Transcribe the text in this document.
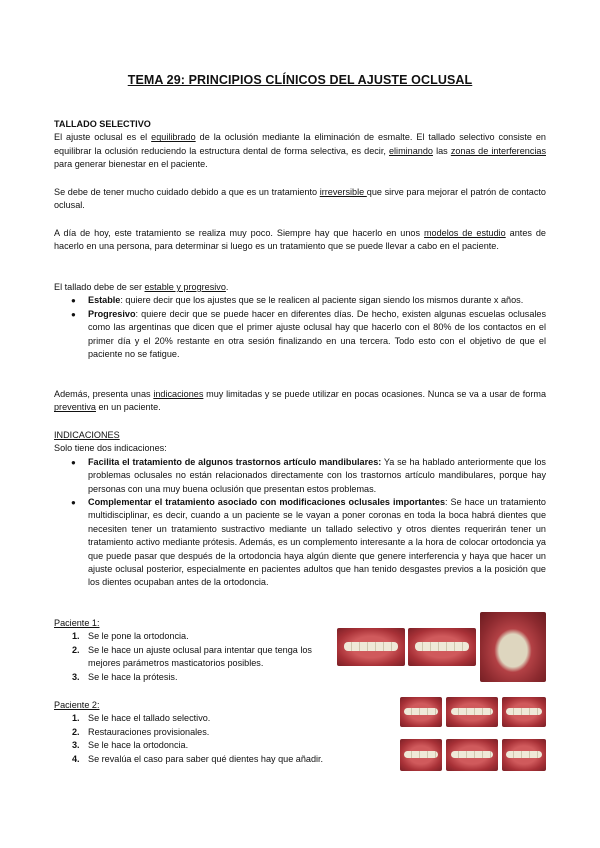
TEMA 29: PRINCIPIOS CLÍNICOS DEL AJUSTE OCLUSAL
TALLADO SELECTIVO
El ajuste oclusal es el equilibrado de la oclusión mediante la eliminación de esmalte. El tallado selectivo consiste en equilibrar la oclusión reduciendo la estructura dental de forma selectiva, es decir, eliminando las zonas de interferencias para generar bienestar en el paciente.
Se debe de tener mucho cuidado debido a que es un tratamiento irreversible que sirve para mejorar el patrón de contacto oclusal.
A día de hoy, este tratamiento se realiza muy poco. Siempre hay que hacerlo en unos modelos de estudio antes de hacerlo en una persona, para determinar si luego es un tratamiento que se puede llevar a cabo en el paciente.
El tallado debe de ser estable y progresivo.
● Estable: quiere decir que los ajustes que se le realicen al paciente sigan siendo los mismos durante x años.
● Progresivo: quiere decir que se puede hacer en diferentes días. De hecho, existen algunas escuelas oclusales como las argentinas que dicen que el primer ajuste oclusal hay que hacerlo con el 80% de los contactos en el primer día y el 20% restante en otra sesión finalizando en una tercera. Todo esto con el objetivo de que el paciente no se fatigue.
Además, presenta unas indicaciones muy limitadas y se puede utilizar en pocas ocasiones. Nunca se va a usar de forma preventiva en un paciente.
INDICACIONES
Solo tiene dos indicaciones:
● Facilita el tratamiento de algunos trastornos artículo mandibulares: Ya se ha hablado anteriormente que los problemas oclusales no están relacionados directamente con los trastornos artículo mandibulares, porque hay personas con una muy buena oclusión que presentan estos problemas.
● Complementar el tratamiento asociado con modificaciones oclusales importantes: Se hace un tratamiento multidisciplinar, es decir, cuando a un paciente se le vayan a poner coronas en toda la boca habrá dientes que necesiten tener un tratamiento sustractivo mediante un tallado selectivo y otros dientes requerirán tener un tratamiento activo mediante prótesis. Además, es un complemento interesante a la hora de colocar ortodoncia ya que puede pasar que después de la ortodoncia haya algún diente que genere interferencia y haya que hacer un ajuste oclusal posterior, especialmente en pacientes adultos que han tenido desgastes previos a la posición que los dientes ocupaban antes de la ortodoncia.
Paciente 1:
1. Se le pone la ortodoncia.
2. Se le hace un ajuste oclusal para intentar que tenga los mejores parámetros masticatorios posibles.
3. Se le hace la prótesis.
Paciente 2:
1. Se le hace el tallado selectivo.
2. Restauraciones provisionales.
3. Se le hace la ortodoncia.
4. Se revalúa el caso para saber qué dientes hay que añadir.
